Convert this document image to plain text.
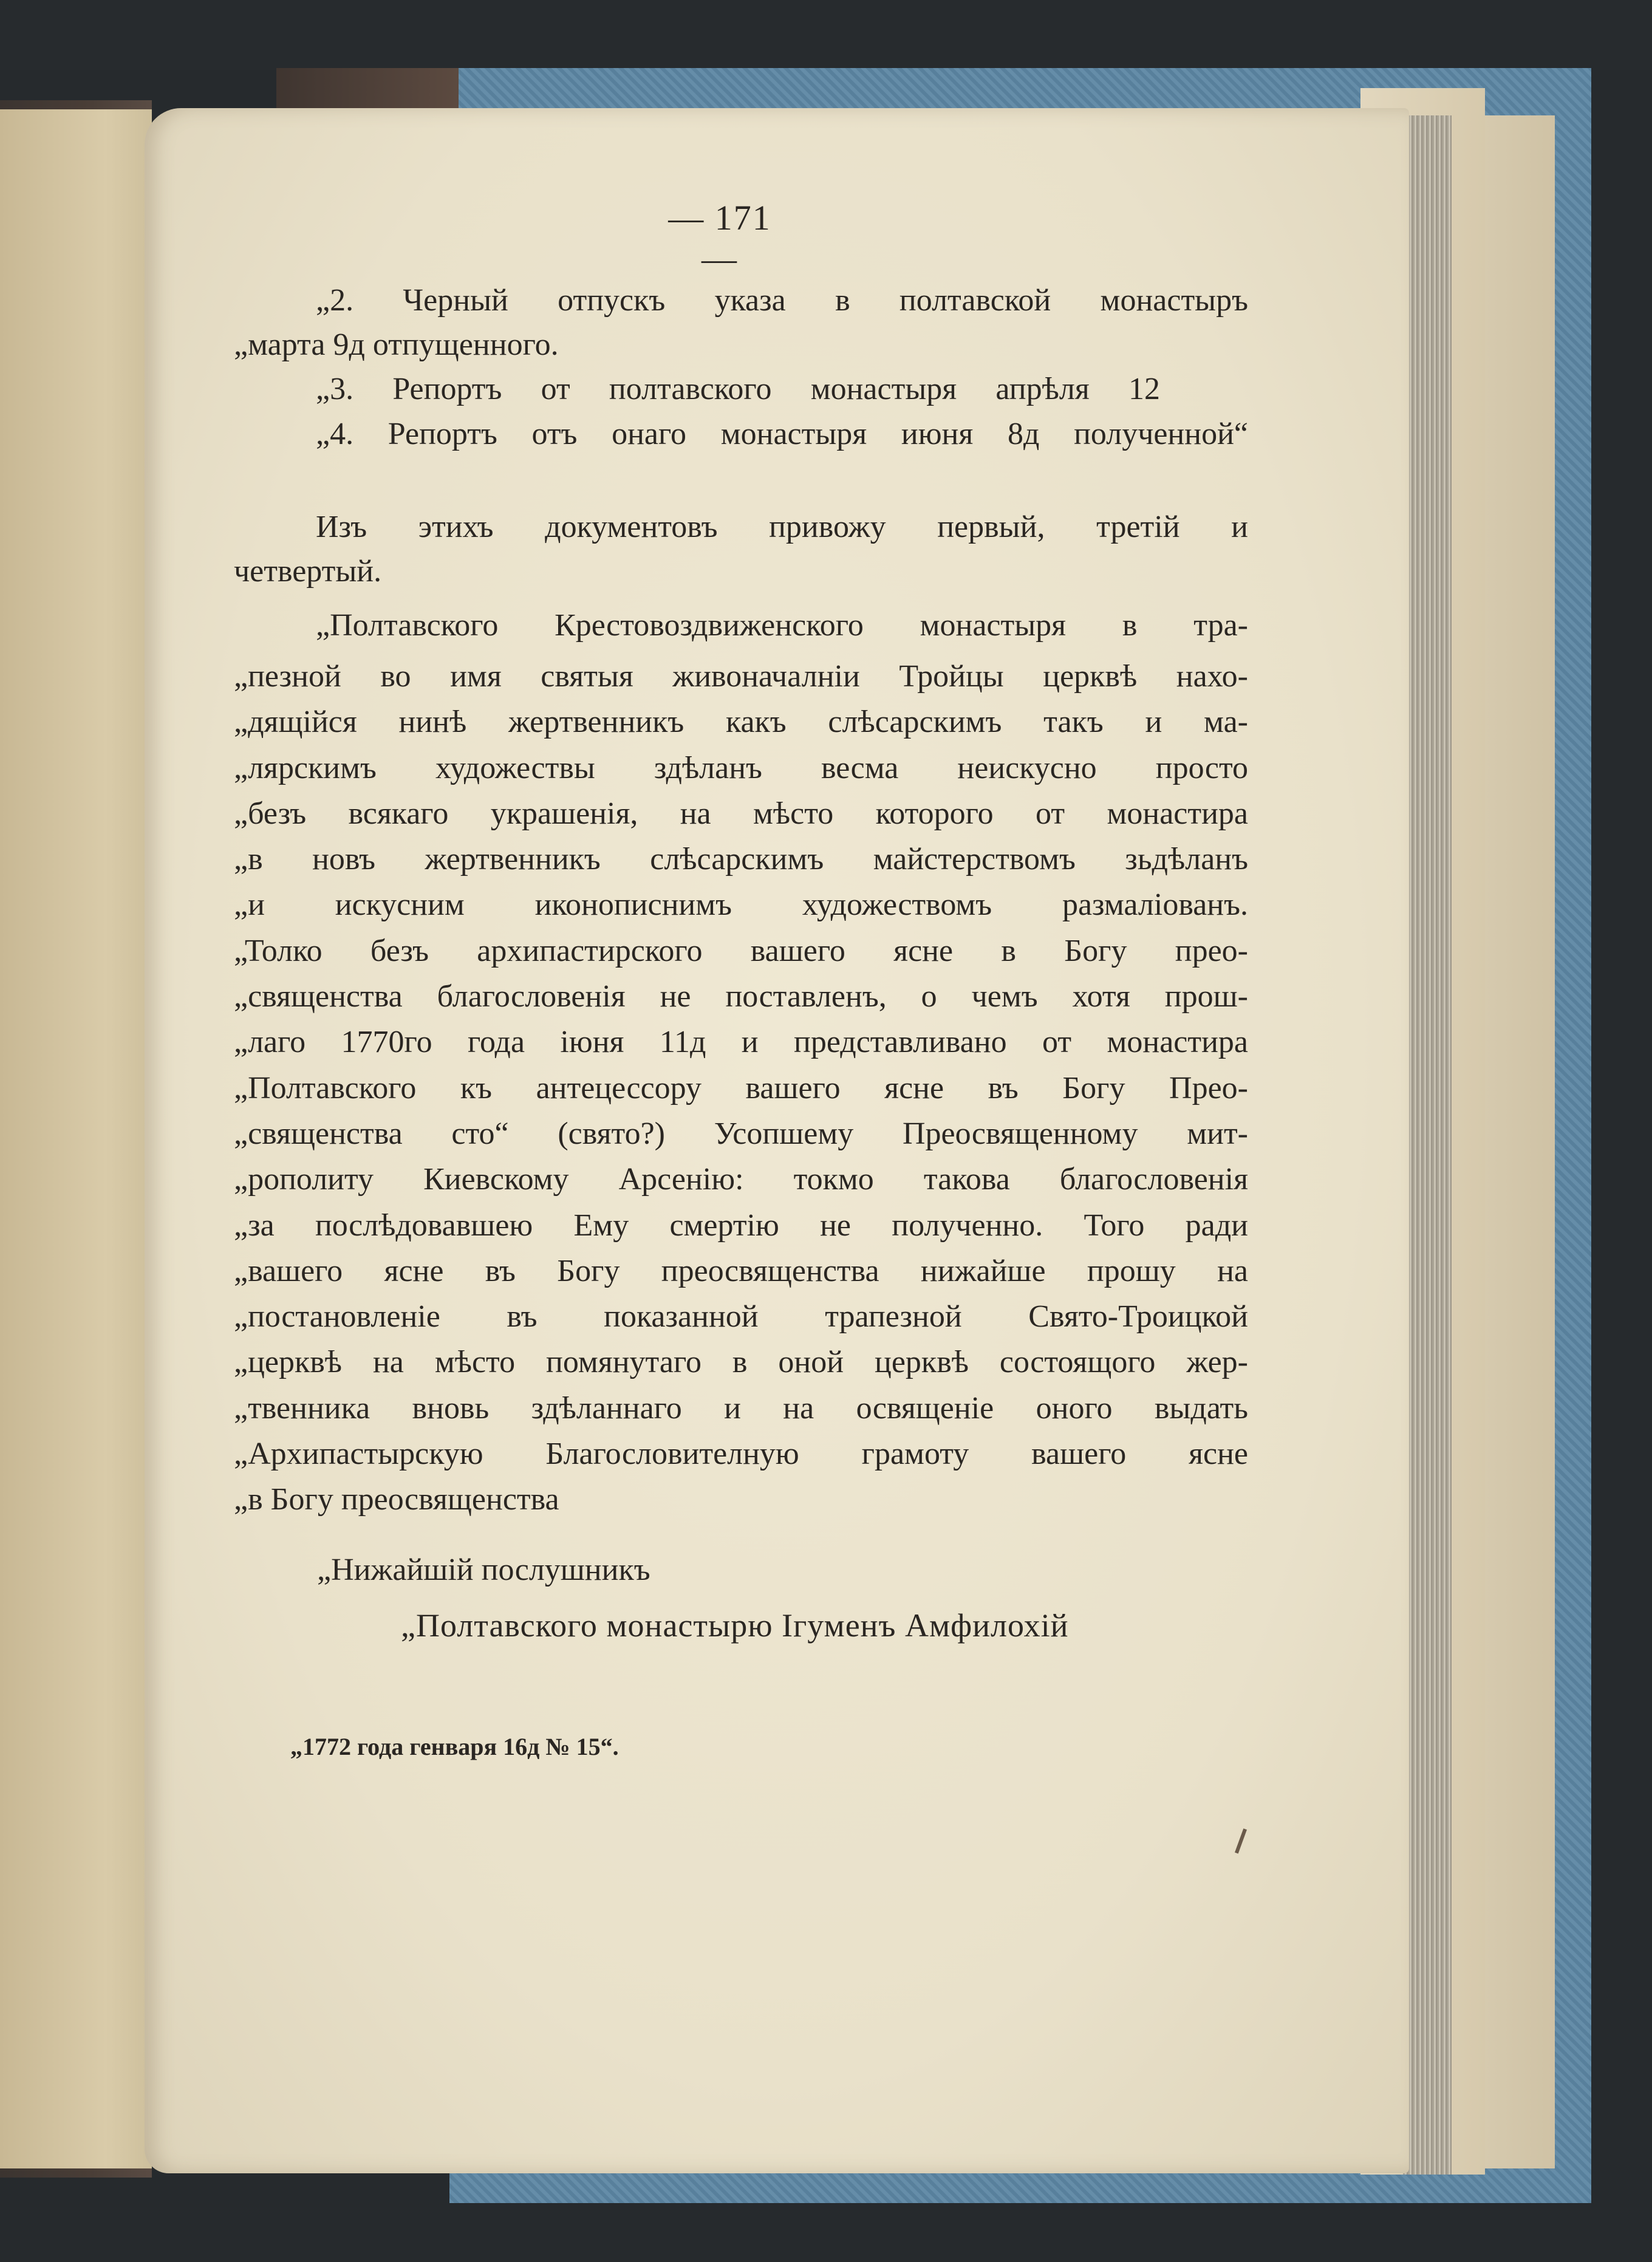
— 171 —
„2. Черный отпускъ указа в полтавской монастыръ
„марта 9д отпущенного.
„3. Репортъ от полтавского монастыря апрѣля 12
„4. Репортъ отъ онаго монастыря июня 8д полученной“
Изъ этихъ документовъ привожу первый, третій и
четвертый.
„Полтавского Крестовоздвиженского монастыря в тра-
„пезной во имя святыя живоначалніи Тройцы церквѣ нахо-
„дящійся нинѣ жертвенникъ какъ слѣсарскимъ такъ и ма-
„лярскимъ художествы здѣланъ весма неискусно просто
„безъ всякаго украшенія, на мѣсто которого от монастира
„в новъ жертвенникъ слѣсарскимъ майстерствомъ зьдѣланъ
„и искусним иконописнимъ художествомъ размалiованъ.
„Толко безъ архипастирского вашего ясне в Богу прео-
„священства благословенія не поставленъ, о чемъ хотя прош-
„лаго 1770го года іюня 11д и представливано от монастира
„Полтавского къ антецессору вашего ясне въ Богу Прео-
„священства сто“ (свято?) Усопшему Преосвященному мит-
„рополиту Киевскому Арсенію: токмо такова благословенія
„за послѣдовавшею Ему смертію не полученно. Того ради
„вашего ясне въ Богу преосвященства нижайше прошу на
„постановленіе въ показанной трапезной Свято-Троицкой
„церквѣ на мѣсто помянутаго в оной церквѣ состоящого жер-
„твенника вновь здѣланнаго и на освященіе оного выдать
„Архипастырскую Благословителную грамоту вашего ясне
„в Богу преосвященства
„Нижайшій послушникъ
„Полтавского монастырю Ігуменъ Амфилохій
„1772 года генваря 16д № 15“.
